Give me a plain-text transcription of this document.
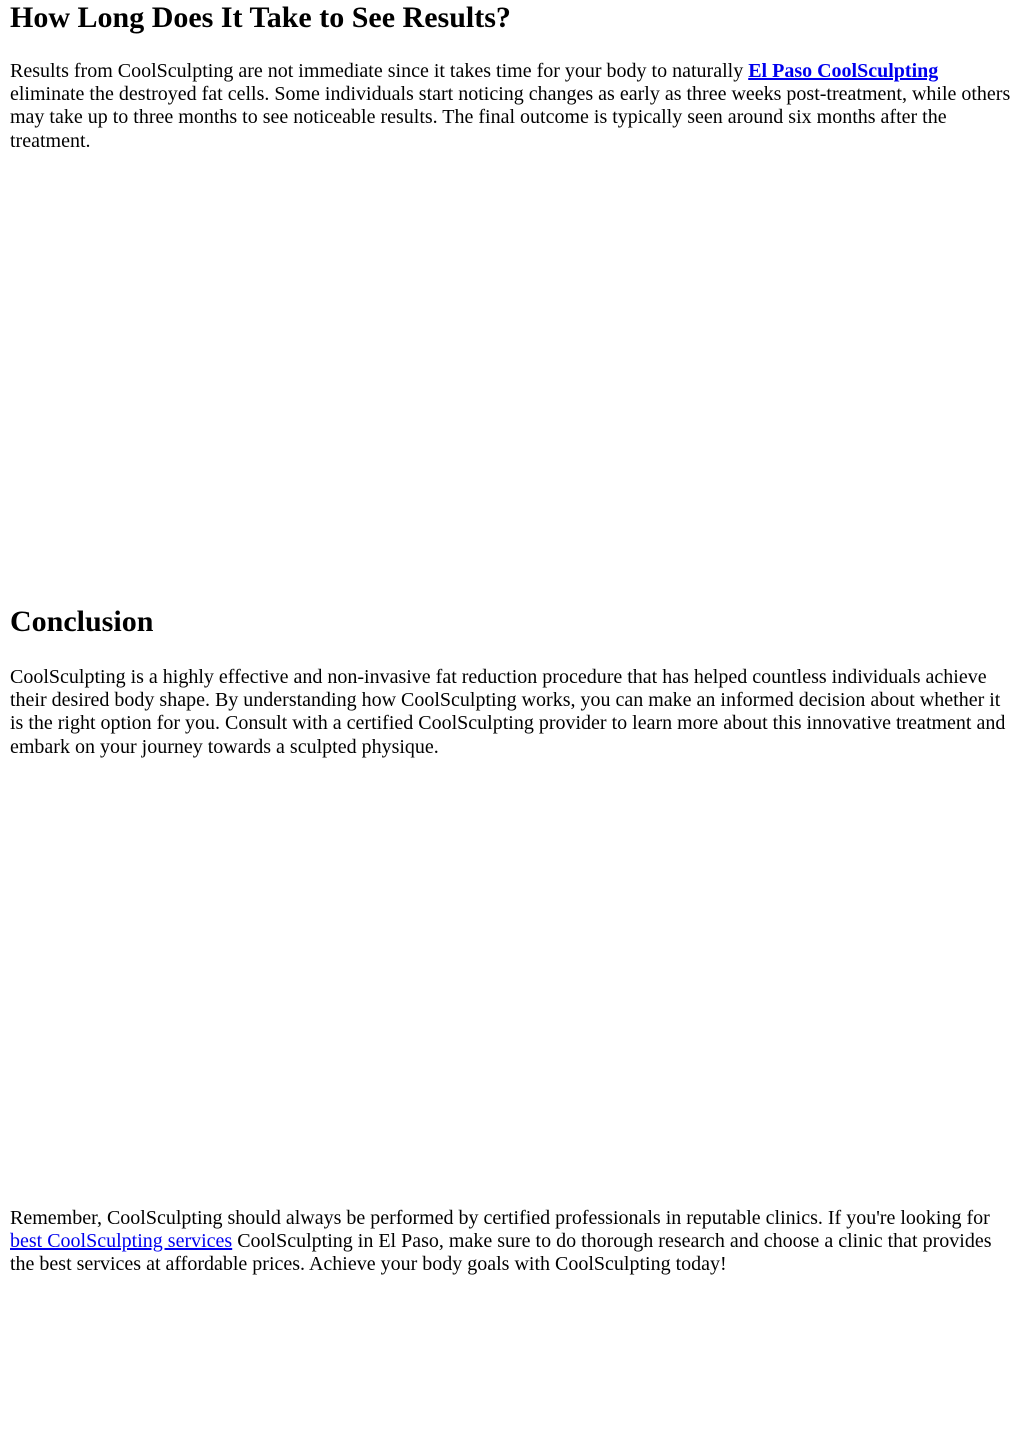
How Long Does It Take to See Results?

Results from CoolSculpting are not immediate since it takes time for your body to naturally El Paso CoolSculpting eliminate the destroyed fat cells. Some individuals start noticing changes as early as three weeks post-treatment, while others may take up to three months to see noticeable results. The final outcome is typically seen around six months after the treatment.

Conclusion

CoolSculpting is a highly effective and non-invasive fat reduction procedure that has helped countless individuals achieve their desired body shape. By understanding how CoolSculpting works, you can make an informed decision about whether it is the right option for you. Consult with a certified CoolSculpting provider to learn more about this innovative treatment and embark on your journey towards a sculpted physique.

Remember, CoolSculpting should always be performed by certified professionals in reputable clinics. If you're looking for best CoolSculpting services CoolSculpting in El Paso, make sure to do thorough research and choose a clinic that provides the best services at affordable prices. Achieve your body goals with CoolSculpting today!
